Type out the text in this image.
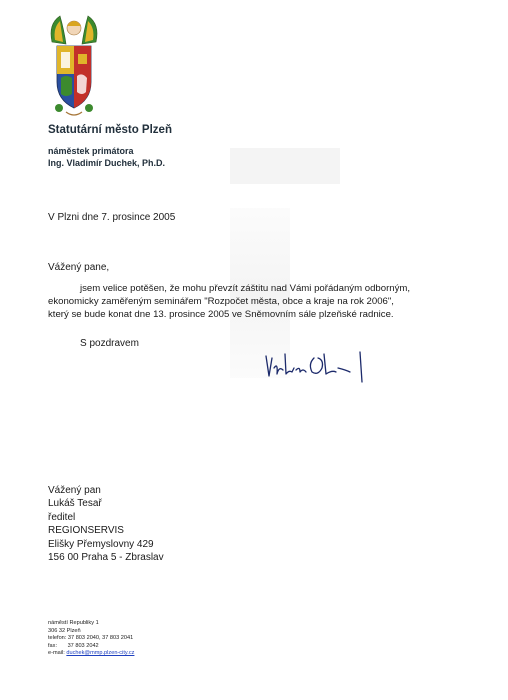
Statutární město Plzeň
náměstek primátora
Ing. Vladimír Duchek, Ph.D.
V Plzni dne 7. prosince 2005
Vážený pane,
jsem velice potěšen, že mohu převzít záštitu nad Vámi pořádaným odborným,
ekonomicky zaměřeným seminářem "Rozpočet města, obce a kraje na rok 2006",
který se bude konat dne 13. prosince 2005 ve Sněmovním sále plzeňské radnice.
S pozdravem
Vážený pan
Lukáš Tesař
ředitel
REGIONSERVIS
Elišky Přemyslovny 429
156 00 Praha 5 - Zbraslav
náměstí Republiky 1
306 32 Plzeň
telefon: 37 803 2040, 37 803 2041
fax: 37 803 2042
e-mail: duchek@mmp.plzen-city.cz
